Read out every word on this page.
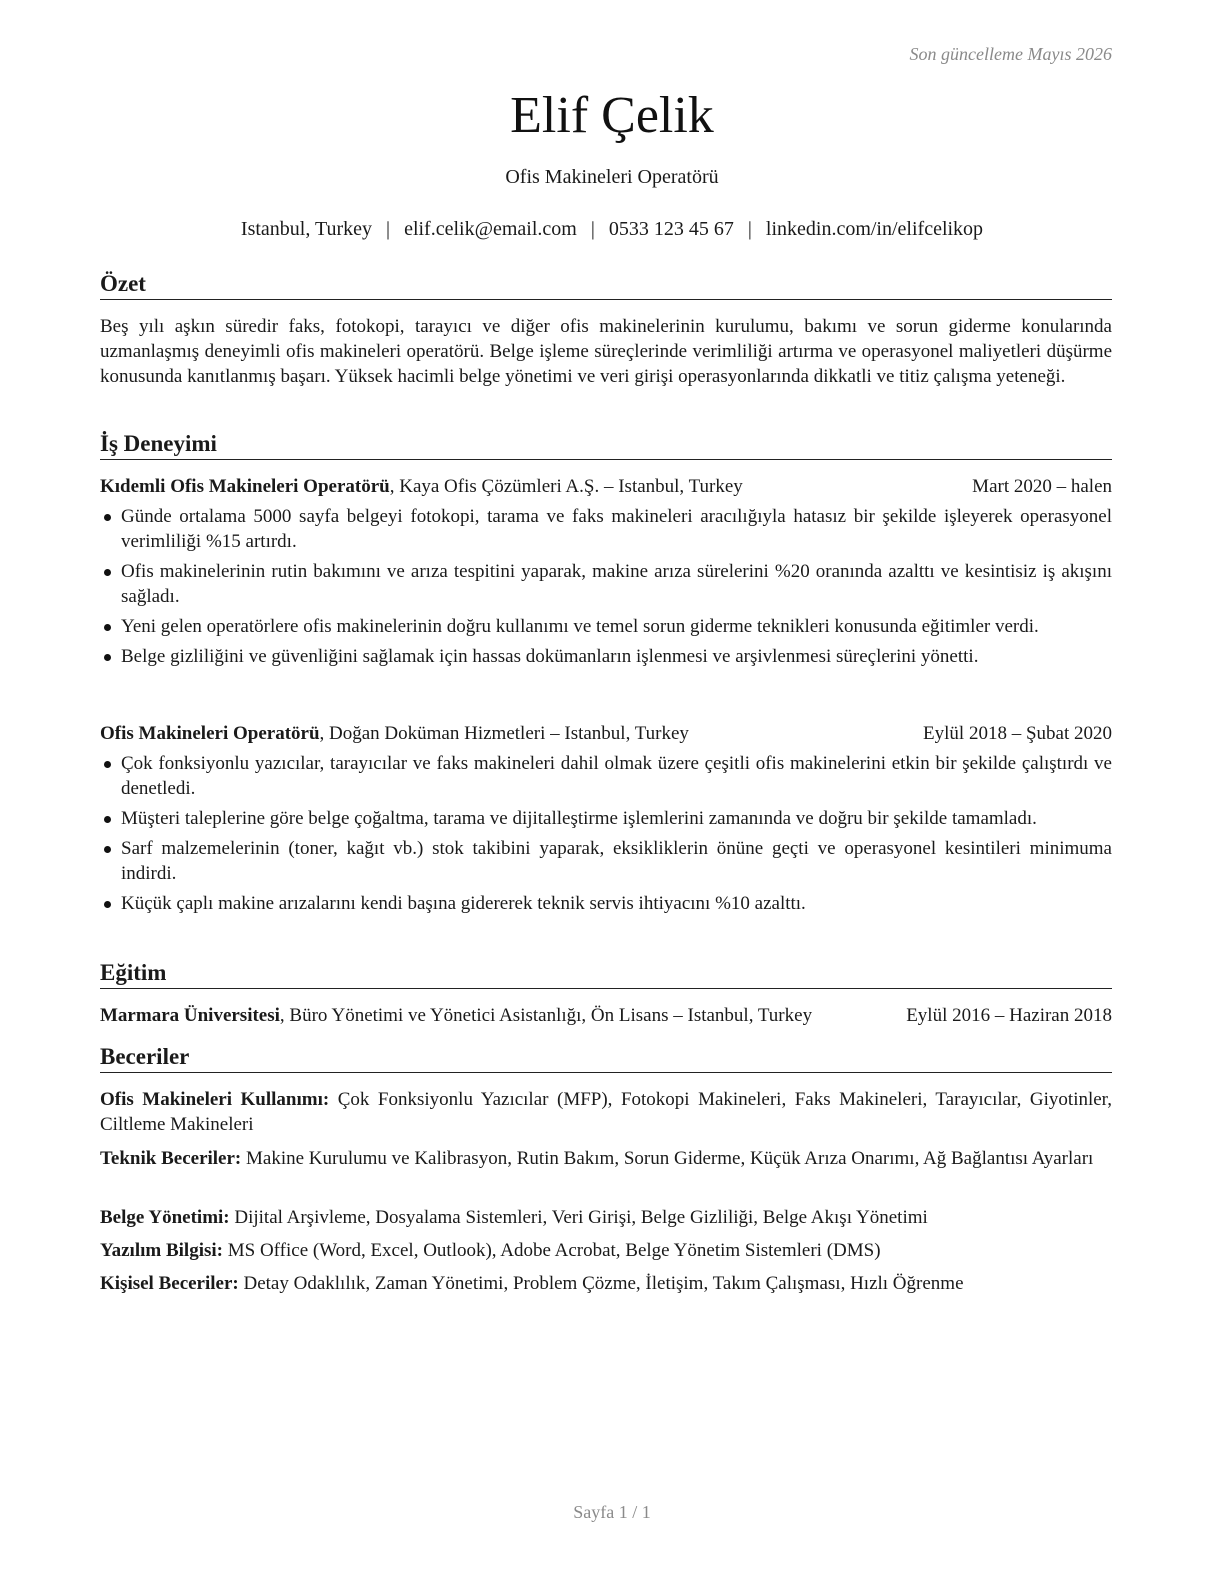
Son güncelleme Mayıs 2026
Elif Çelik
Ofis Makineleri Operatörü
Istanbul, Turkey | elif.celik@email.com | 0533 123 45 67 | linkedin.com/in/elifcelikop
Özet
Beş yılı aşkın süredir faks, fotokopi, tarayıcı ve diğer ofis makinelerinin kurulumu, bakımı ve sorun giderme konularında uzmanlaşmış deneyimli ofis makineleri operatörü. Belge işleme süreçlerinde verimliliği artırma ve operasyonel maliyetleri düşürme konusunda kanıtlanmış başarı. Yüksek hacimli belge yönetimi ve veri girişi operasyonlarında dikkatli ve titiz çalışma yeteneği.
İş Deneyimi
Kıdemli Ofis Makineleri Operatörü, Kaya Ofis Çözümleri A.Ş. – Istanbul, Turkey	Mart 2020 – halen
Günde ortalama 5000 sayfa belgeyi fotokopi, tarama ve faks makineleri aracılığıyla hatasız bir şekilde işleyerek operasyonel verimliliği %15 artırdı.
Ofis makinelerinin rutin bakımını ve arıza tespitini yaparak, makine arıza sürelerini %20 oranında azalttı ve kesintisiz iş akışını sağladı.
Yeni gelen operatörlere ofis makinelerinin doğru kullanımı ve temel sorun giderme teknikleri konusunda eğitimler verdi.
Belge gizliliğini ve güvenliğini sağlamak için hassas dokümanların işlenmesi ve arşivlenmesi süreçlerini yönetti.
Ofis Makineleri Operatörü, Doğan Doküman Hizmetleri – Istanbul, Turkey	Eylül 2018 – Şubat 2020
Çok fonksiyonlu yazıcılar, tarayıcılar ve faks makineleri dahil olmak üzere çeşitli ofis makinelerini etkin bir şekilde çalıştırdı ve denetledi.
Müşteri taleplerine göre belge çoğaltma, tarama ve dijitalleştirme işlemlerini zamanında ve doğru bir şekilde tamamladı.
Sarf malzemelerinin (toner, kağıt vb.) stok takibini yaparak, eksikliklerin önüne geçti ve operasyonel kesintileri minimuma indirdi.
Küçük çaplı makine arızalarını kendi başına gidererek teknik servis ihtiyacını %10 azalttı.
Eğitim
Marmara Üniversitesi, Büro Yönetimi ve Yönetici Asistanlığı, Ön Lisans – Istanbul, Turkey	Eylül 2016 – Haziran 2018
Beceriler
Ofis Makineleri Kullanımı: Çok Fonksiyonlu Yazıcılar (MFP), Fotokopi Makineleri, Faks Makineleri, Tarayıcılar, Giyotinler, Ciltleme Makineleri
Teknik Beceriler: Makine Kurulumu ve Kalibrasyon, Rutin Bakım, Sorun Giderme, Küçük Arıza Onarımı, Ağ Bağlantısı Ayarları
Belge Yönetimi: Dijital Arşivleme, Dosyalama Sistemleri, Veri Girişi, Belge Gizliliği, Belge Akışı Yönetimi
Yazılım Bilgisi: MS Office (Word, Excel, Outlook), Adobe Acrobat, Belge Yönetim Sistemleri (DMS)
Kişisel Beceriler: Detay Odaklılık, Zaman Yönetimi, Problem Çözme, İletişim, Takım Çalışması, Hızlı Öğrenme
Sayfa 1 / 1
